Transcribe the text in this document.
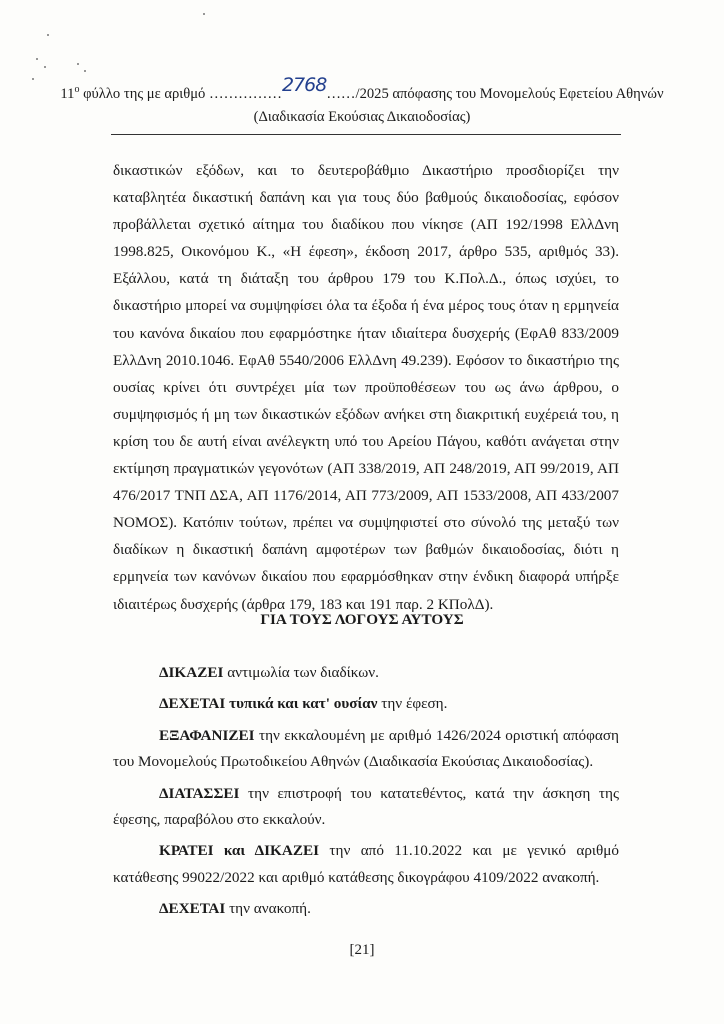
$11^o$ φύλλο της με αριθμό ……………2768……/2025 απόφασης του Μονομελούς Εφετείου Αθηνών
(Διαδικασία Εκούσιας Δικαιοδοσίας)
δικαστικών εξόδων, και το δευτεροβάθμιο Δικαστήριο προσδιορίζει την καταβλητέα δικαστική δαπάνη και για τους δύο βαθμούς δικαιοδοσίας, εφόσον προβάλλεται σχετικό αίτημα του διαδίκου που νίκησε (ΑΠ 192/1998 ΕλλΔνη 1998.825, Οικονόμου Κ., «Η έφεση», έκδοση 2017, άρθρο 535, αριθμός 33). Εξάλλου, κατά τη διάταξη του άρθρου 179 του Κ.Πολ.Δ., όπως ισχύει, το δικαστήριο μπορεί να συμψηφίσει όλα τα έξοδα ή ένα μέρος τους όταν η ερμηνεία του κανόνα δικαίου που εφαρμόστηκε ήταν ιδιαίτερα δυσχερής (ΕφΑθ 833/2009 ΕλλΔνη 2010.1046. ΕφΑθ 5540/2006 ΕλλΔνη 49.239). Εφόσον το δικαστήριο της ουσίας κρίνει ότι συντρέχει μία των προϋποθέσεων του ως άνω άρθρου, ο συμψηφισμός ή μη των δικαστικών εξόδων ανήκει στη διακριτική ευχέρειά του, η κρίση του δε αυτή είναι ανέλεγκτη υπό του Αρείου Πάγου, καθότι ανάγεται στην εκτίμηση πραγματικών γεγονότων (ΑΠ 338/2019, ΑΠ 248/2019, ΑΠ 99/2019, ΑΠ 476/2017 ΤΝΠ ΔΣΑ, ΑΠ 1176/2014, ΑΠ 773/2009, ΑΠ 1533/2008, ΑΠ 433/2007 ΝΟΜΟΣ). Κατόπιν τούτων, πρέπει να συμψηφιστεί στο σύνολό της μεταξύ των διαδίκων η δικαστική δαπάνη αμφοτέρων των βαθμών δικαιοδοσίας, διότι η ερμηνεία των κανόνων δικαίου που εφαρμόσθηκαν στην ένδικη διαφορά υπήρξε ιδιαιτέρως δυσχερής (άρθρα 179, 183 και 191 παρ. 2 ΚΠολΔ).
ΓΙΑ ΤΟΥΣ ΛΟΓΟΥΣ ΑΥΤΟΥΣ

ΔΙΚΑΖΕΙ αντιμωλία των διαδίκων.

ΔΕΧΕΤΑΙ τυπικά και κατ' ουσίαν την έφεση.

ΕΞΑΦΑΝΙΖΕΙ την εκκαλουμένη με αριθμό 1426/2024 οριστική απόφαση του Μονομελούς Πρωτοδικείου Αθηνών (Διαδικασία Εκούσιας Δικαιοδοσίας).

ΔΙΑΤΑΣΣΕΙ την επιστροφή του κατατεθέντος, κατά την άσκηση της έφεσης, παραβόλου στο εκκαλούν.

ΚΡΑΤΕΙ και ΔΙΚΑΖΕΙ την από 11.10.2022 και με γενικό αριθμό κατάθεσης 99022/2022 και αριθμό κατάθεσης δικογράφου 4109/2022 ανακοπή.

ΔΕΧΕΤΑΙ την ανακοπή.

[21]
